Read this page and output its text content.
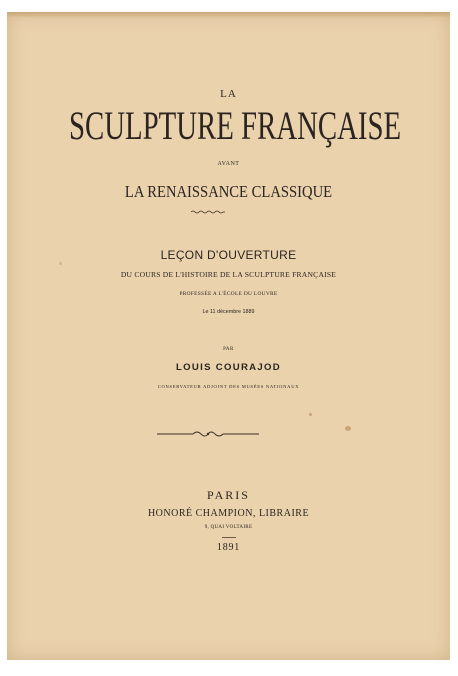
LA
SCULPTURE FRANÇAISE
AVANT
LA RENAISSANCE CLASSIQUE
LEÇON D'OUVERTURE
DU COURS DE L'HISTOIRE DE LA SCULPTURE FRANÇAISE
PROFESSÉE A L'ÉCOLE DU LOUVRE
Le 11 décembre 1889
PAR
LOUIS COURAJOD
CONSERVATEUR ADJOINT DES MUSÉES NATIONAUX
PARIS
HONORÉ CHAMPION, LIBRAIRE
9, QUAI VOLTAIRE
1891
